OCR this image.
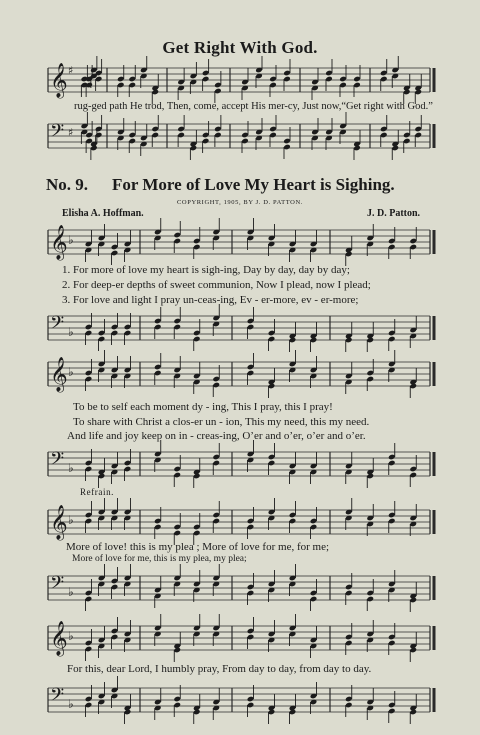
Get Right With God.
𝄞 ♯
rug-ged path He trod, Then, come, accept His mer-cy, Just now,“Get right with God.”
𝄢 ♯
No. 9. For More of Love My Heart is Sighing.
COPYRIGHT, 1905, BY J. D. PATTON.
Elisha A. Hoffman.	J. D. Patton.
𝄞 ♭
1. For more of love my heart is sigh-ing, Day by day, day by day;
2. For deep-er depths of sweet communion, Now I plead, now I plead;
3. For love and light I pray un-ceas-ing, Ev - er-more, ev - er-more;
𝄢 ♭
𝄞 ♭
To be to self each moment dy - ing, This I pray, this I pray!
To share with Christ a clos-er un - ion, This my need, this my need.
And life and joy keep on in - creas-ing, O’er and o’er, o’er and o’er.
𝄢 ♭
Refrain.
𝄞 ♭
More of love! this is my plea ; More of love for me, for me;
More of love for me, this is my plea, my plea;
𝄢 ♭
𝄞 ♭
For this, dear Lord, I humbly pray, From day to day, from day to day.
𝄢 ♭
